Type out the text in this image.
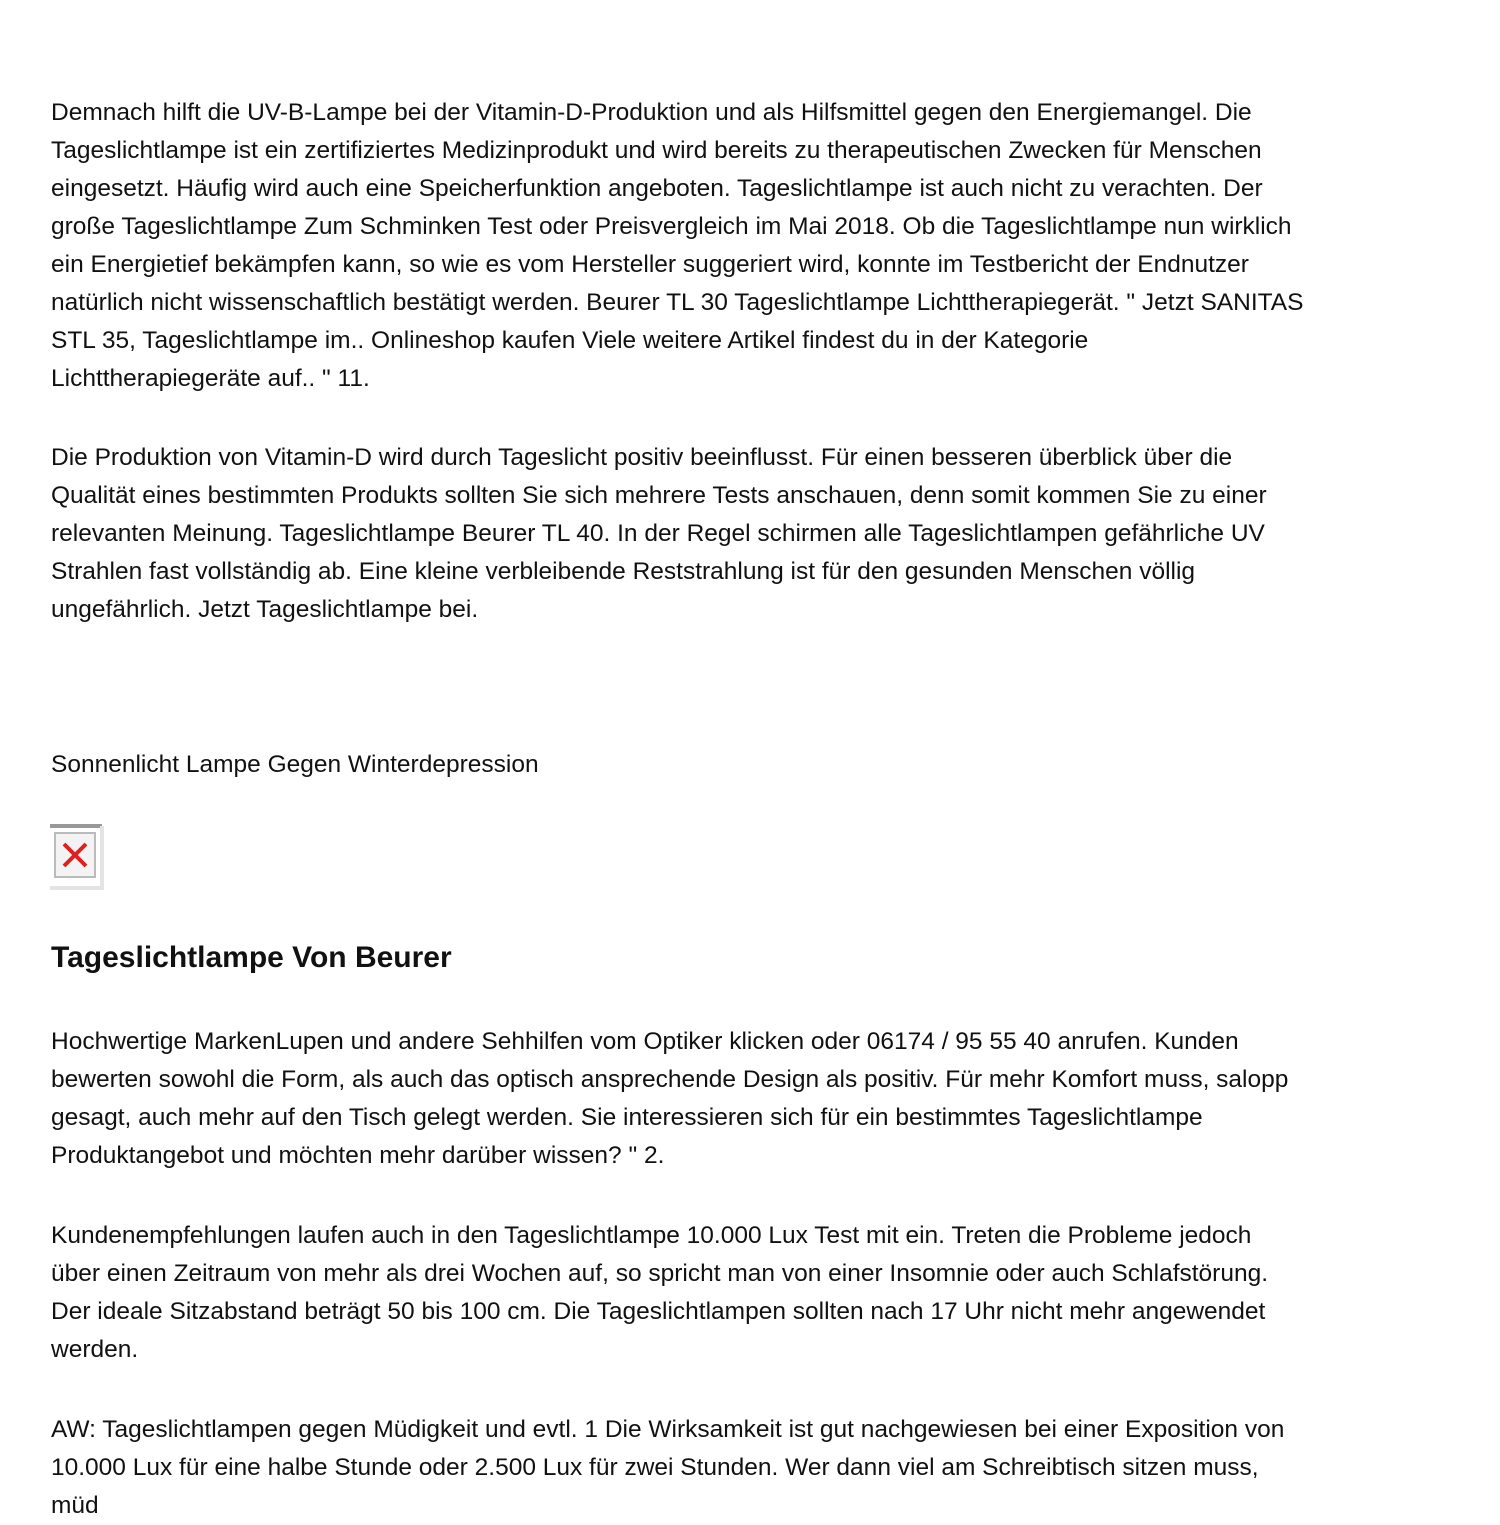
Demnach hilft die UV-B-Lampe bei der Vitamin-D-Produktion und als Hilfsmittel gegen den Energiemangel. Die
Tageslichtlampe ist ein zertifiziertes Medizinprodukt und wird bereits zu therapeutischen Zwecken für Menschen
eingesetzt. Häufig wird auch eine Speicherfunktion angeboten. Tageslichtlampe ist auch nicht zu verachten. Der
große Tageslichtlampe Zum Schminken Test oder Preisvergleich im Mai 2018. Ob die Tageslichtlampe nun wirklich
ein Energietief bekämpfen kann, so wie es vom Hersteller suggeriert wird, konnte im Testbericht der Endnutzer
natürlich nicht wissenschaftlich bestätigt werden. Beurer TL 30 Tageslichtlampe Lichttherapiegerät. " Jetzt SANITAS
STL 35, Tageslichtlampe im.. Onlineshop kaufen Viele weitere Artikel findest du in der Kategorie
Lichttherapiegeräte auf.. " 11.
Die Produktion von Vitamin-D wird durch Tageslicht positiv beeinflusst. Für einen besseren überblick über die
Qualität eines bestimmten Produkts sollten Sie sich mehrere Tests anschauen, denn somit kommen Sie zu einer
relevanten Meinung. Tageslichtlampe Beurer TL 40. In der Regel schirmen alle Tageslichtlampen gefährliche UV
Strahlen fast vollständig ab. Eine kleine verbleibende Reststrahlung ist für den gesunden Menschen völlig
ungefährlich. Jetzt Tageslichtlampe bei.
Sonnenlicht Lampe Gegen Winterdepression
Tageslichtlampe Von Beurer
Hochwertige MarkenLupen und andere Sehhilfen vom Optiker klicken oder 06174 / 95 55 40 anrufen. Kunden
bewerten sowohl die Form, als auch das optisch ansprechende Design als positiv. Für mehr Komfort muss, salopp
gesagt, auch mehr auf den Tisch gelegt werden. Sie interessieren sich für ein bestimmtes Tageslichtlampe
Produktangebot und möchten mehr darüber wissen? " 2.
Kundenempfehlungen laufen auch in den Tageslichtlampe 10.000 Lux Test mit ein. Treten die Probleme jedoch
über einen Zeitraum von mehr als drei Wochen auf, so spricht man von einer Insomnie oder auch Schlafstörung.
Der ideale Sitzabstand beträgt 50 bis 100 cm. Die Tageslichtlampen sollten nach 17 Uhr nicht mehr angewendet
werden.
AW: Tageslichtlampen gegen Müdigkeit und evtl. 1 Die Wirksamkeit ist gut nachgewiesen bei einer Exposition von
10.000 Lux für eine halbe Stunde oder 2.500 Lux für zwei Stunden. Wer dann viel am Schreibtisch sitzen muss,
müd
